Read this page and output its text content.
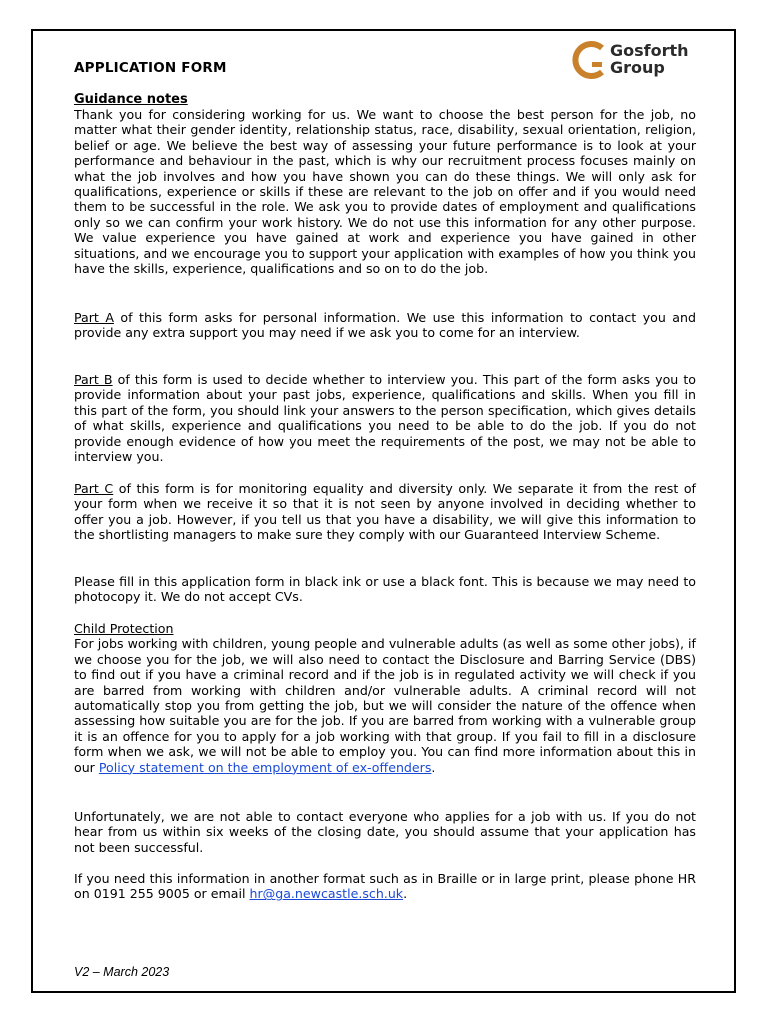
APPLICATION FORM
Gosforth
Group
Guidance notes
Thank you for considering working for us. We want to choose the best person for the job, no matter what their gender identity, relationship status, race, disability, sexual orientation, religion, belief or age. We believe the best way of assessing your future performance is to look at your performance and behaviour in the past, which is why our recruitment process focuses mainly on what the job involves and how you have shown you can do these things. We will only ask for qualifications, experience or skills if these are relevant to the job on offer and if you would need them to be successful in the role. We ask you to provide dates of employment and qualifications only so we can confirm your work history. We do not use this information for any other purpose. We value experience you have gained at work and experience you have gained in other situations, and we encourage you to support your application with examples of how you think you have the skills, experience, qualifications and so on to do the job.
Part A of this form asks for personal information. We use this information to contact you and provide any extra support you may need if we ask you to come for an interview.
Part B of this form is used to decide whether to interview you. This part of the form asks you to provide information about your past jobs, experience, qualifications and skills. When you fill in this part of the form, you should link your answers to the person specification, which gives details of what skills, experience and qualifications you need to be able to do the job. If you do not provide enough evidence of how you meet the requirements of the post, we may not be able to interview you.
Part C of this form is for monitoring equality and diversity only. We separate it from the rest of your form when we receive it so that it is not seen by anyone involved in deciding whether to offer you a job. However, if you tell us that you have a disability, we will give this information to the shortlisting managers to make sure they comply with our Guaranteed Interview Scheme.
Please fill in this application form in black ink or use a black font. This is because we may need to photocopy it. We do not accept CVs.
Child Protection
For jobs working with children, young people and vulnerable adults (as well as some other jobs), if we choose you for the job, we will also need to contact the Disclosure and Barring Service (DBS) to find out if you have a criminal record and if the job is in regulated activity we will check if you are barred from working with children and/or vulnerable adults. A criminal record will not automatically stop you from getting the job, but we will consider the nature of the offence when assessing how suitable you are for the job. If you are barred from working with a vulnerable group it is an offence for you to apply for a job working with that group. If you fail to fill in a disclosure form when we ask, we will not be able to employ you. You can find more information about this in our Policy statement on the employment of ex-offenders.
Unfortunately, we are not able to contact everyone who applies for a job with us. If you do not hear from us within six weeks of the closing date, you should assume that your application has not been successful.
If you need this information in another format such as in Braille or in large print, please phone HR on 0191 255 9005 or email hr@ga.newcastle.sch.uk.
V2 – March 2023
